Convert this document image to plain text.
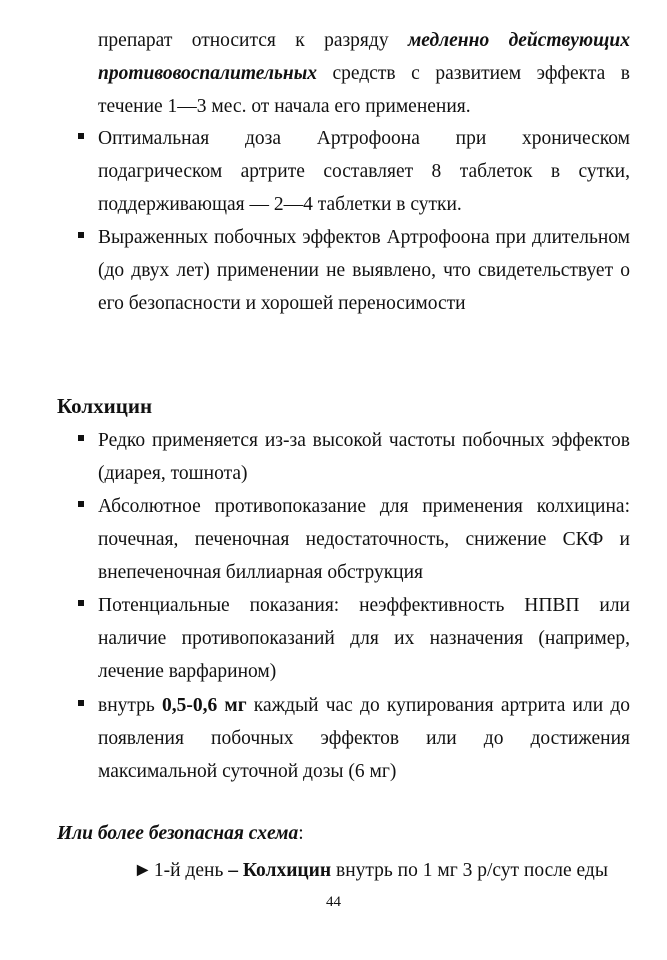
препарат относится к разряду медленно действующих
противовоспалительных средств с развитием эффекта в
течение 1—3 мес. от начала его применения.
Оптимальная доза Артрофоона при хроническом
подагрическом артрите составляет 8 таблеток в сутки,
поддерживающая — 2—4 таблетки в сутки.
Выраженных побочных эффектов Артрофоона при длительном
(до двух лет) применении не выявлено, что свидетельствует о
его безопасности и хорошей переносимости
Колхицин
Редко применяется из-за высокой частоты побочных эффектов
(диарея, тошнота)
Абсолютное противопоказание для применения колхицина:
почечная, печеночная недостаточность, снижение СКФ и
внепеченочная биллиарная обструкция
Потенциальные показания: неэффективность НПВП или
наличие противопоказаний для их назначения (например,
лечение варфарином)
внутрь 0,5-0,6 мг каждый час до купирования артрита или до
появления побочных эффектов или до достижения
максимальной суточной дозы (6 мг)
Или более безопасная схема:
► 1-й день – Колхицин внутрь по 1 мг 3 р/сут после еды
44
